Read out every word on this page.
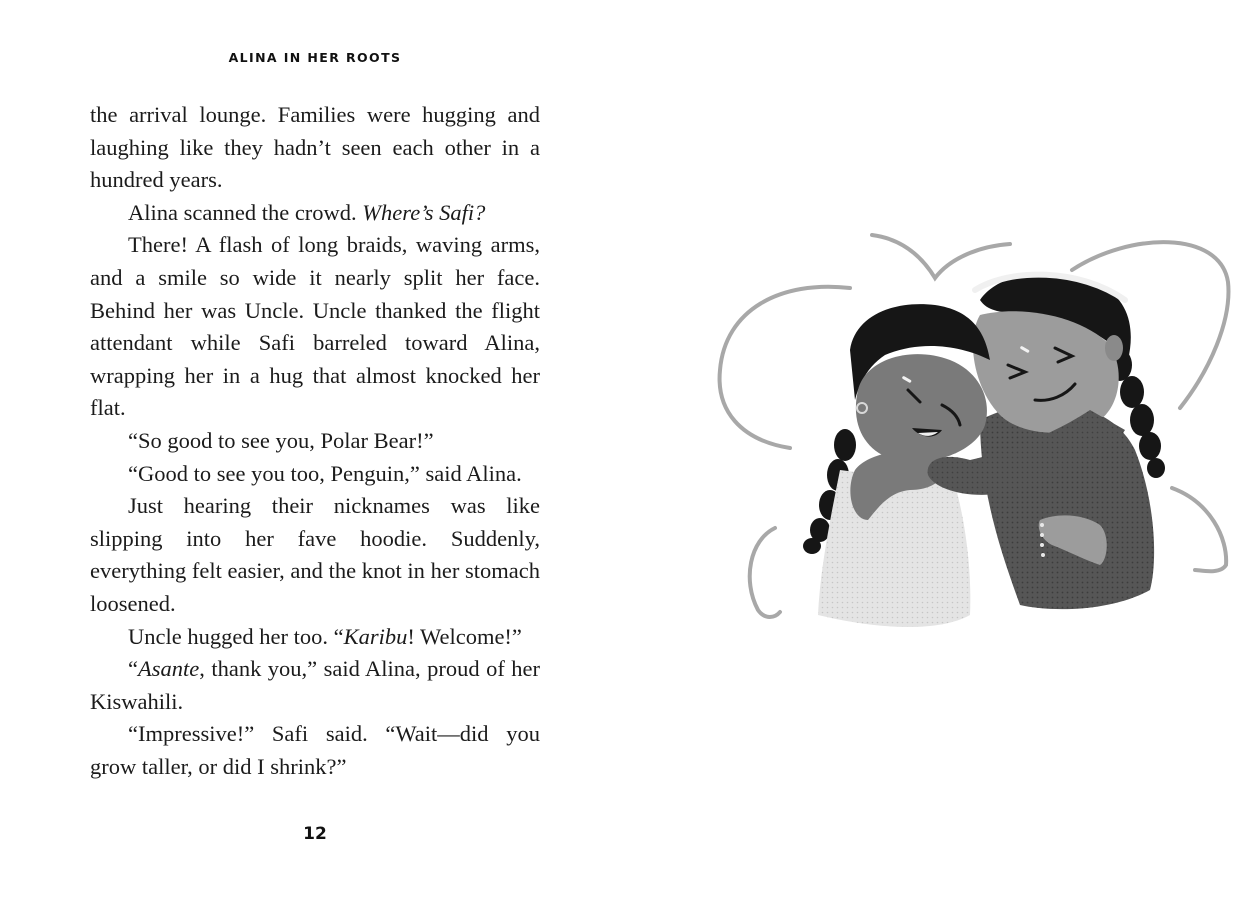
ALINA IN HER ROOTS

the arrival lounge. Families were hugging and laughing like they hadn’t seen each other in a hundred years.

Alina scanned the crowd. Where’s Safi?

There! A flash of long braids, waving arms, and a smile so wide it nearly split her face. Behind her was Uncle. Uncle thanked the flight attendant while Safi barreled toward Alina, wrapping her in a hug that almost knocked her flat.

“So good to see you, Polar Bear!”

“Good to see you too, Penguin,” said Alina.

Just hearing their nicknames was like slipping into her fave hoodie. Suddenly, everything felt easier, and the knot in her stomach loosened.

Uncle hugged her too. “Karibu! Welcome!”

“Asante, thank you,” said Alina, proud of her Kiswahili.

“Impressive!” Safi said. “Wait—did you grow taller, or did I shrink?”

12
